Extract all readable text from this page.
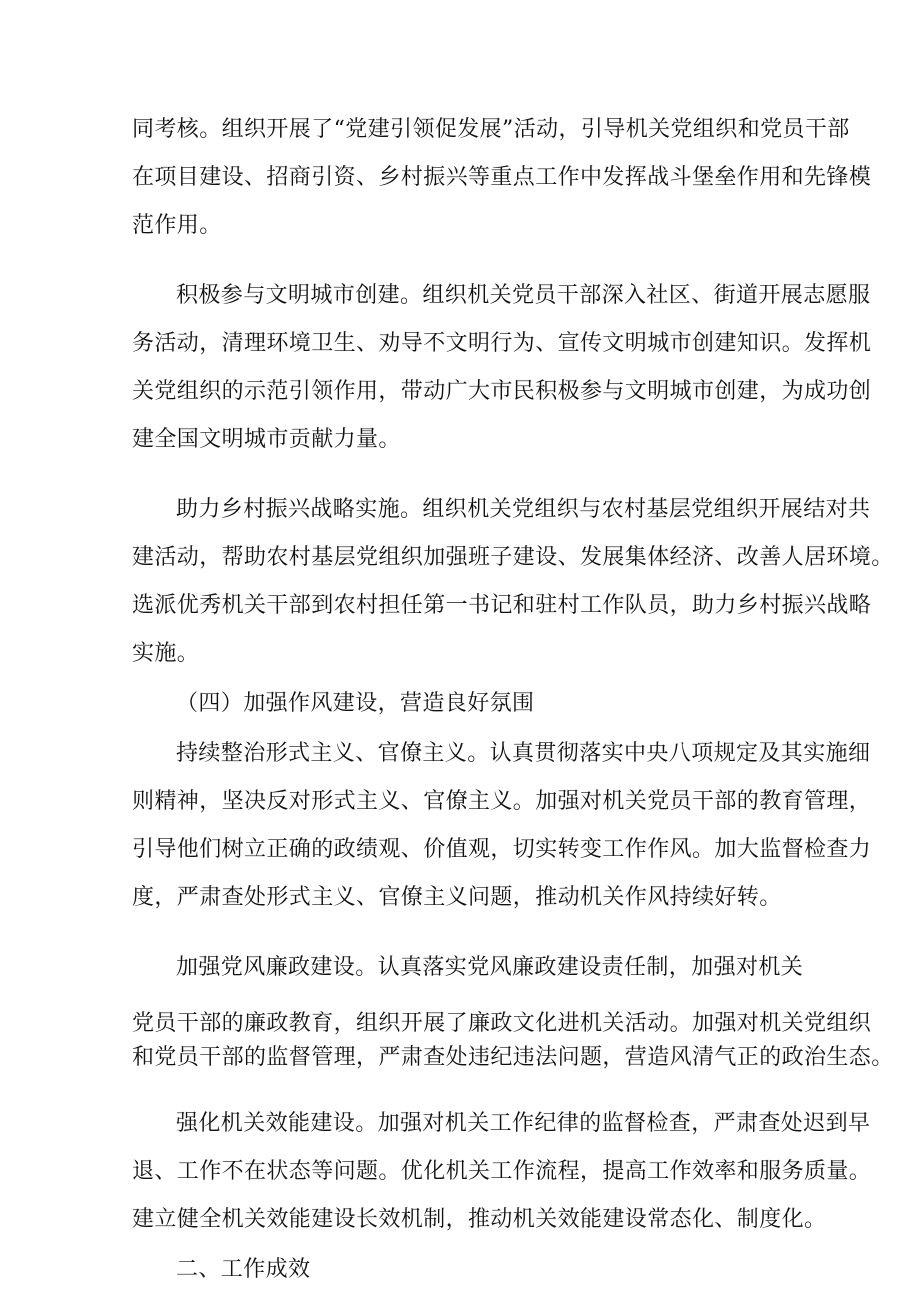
同考核。组织开展了“党建引领促发展”活动，引导机关党组织和党员干部
在项目建设、招商引资、乡村振兴等重点工作中发挥战斗堡垒作用和先锋模
范作用。
积极参与文明城市创建。组织机关党员干部深入社区、街道开展志愿服
务活动，清理环境卫生、劝导不文明行为、宣传文明城市创建知识。发挥机
关党组织的示范引领作用，带动广大市民积极参与文明城市创建，为成功创
建全国文明城市贡献力量。
助力乡村振兴战略实施。组织机关党组织与农村基层党组织开展结对共
建活动，帮助农村基层党组织加强班子建设、发展集体经济、改善人居环境。
选派优秀机关干部到农村担任第一书记和驻村工作队员，助力乡村振兴战略
实施。
（四）加强作风建设，营造良好氛围
持续整治形式主义、官僚主义。认真贯彻落实中央八项规定及其实施细
则精神，坚决反对形式主义、官僚主义。加强对机关党员干部的教育管理，
引导他们树立正确的政绩观、价值观，切实转变工作作风。加大监督检查力
度，严肃查处形式主义、官僚主义问题，推动机关作风持续好转。
加强党风廉政建设。认真落实党风廉政建设责任制，加强对机关
党员干部的廉政教育，组织开展了廉政文化进机关活动。加强对机关党组织
和党员干部的监督管理，严肃查处违纪违法问题，营造风清气正的政治生态。
强化机关效能建设。加强对机关工作纪律的监督检查，严肃查处迟到早
退、工作不在状态等问题。优化机关工作流程，提高工作效率和服务质量。
建立健全机关效能建设长效机制，推动机关效能建设常态化、制度化。
二、工作成效
